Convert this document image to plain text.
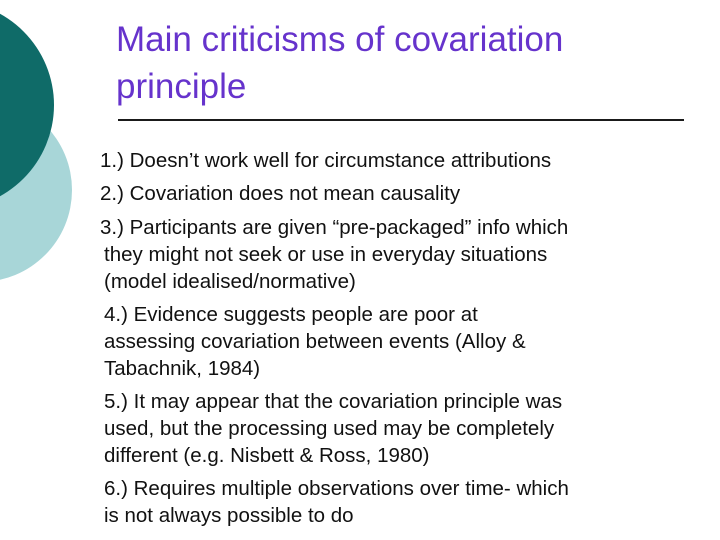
Main criticisms of covariation
principle
1.) Doesn’t work well for circumstance attributions
2.) Covariation does not mean causality
3.) Participants are given “pre-packaged” info which
they might not seek or use in everyday situations
(model idealised/normative)
4.) Evidence suggests people are poor at
assessing covariation between events (Alloy &
Tabachnik, 1984)
5.) It may appear that the covariation principle was
used, but the processing used may be completely
different (e.g. Nisbett & Ross, 1980)
6.) Requires multiple observations over time- which
is not always possible to do
